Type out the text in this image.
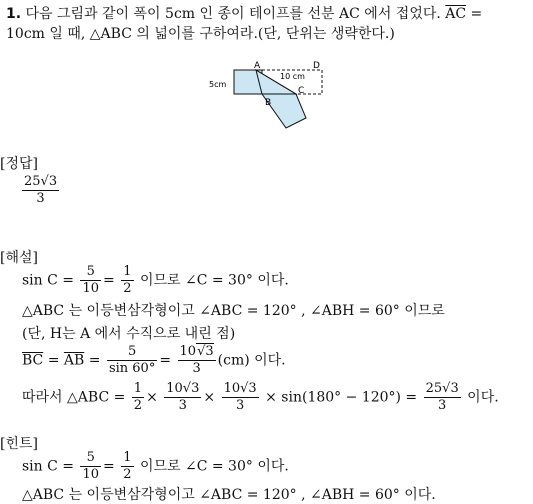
1. 다음 그림과 같이 폭이 5cm 인 종이 테이프를 선분 AC 에서 접었다. $\overline{AC}$ =
10cm 일 때, △ABC 의 넓이를 구하여라.(단, 단위는 생략한다.)
5cm
A
B
C
D
10 cm
[정답]
$\frac{25√3}{3}$
[해설]
$\sin C = \frac{5}{10} = \frac{1}{2}$ 이므로 ∠C = 30° 이다.
△ABC 는 이등변삼각형이고 ∠ABC = 120° , ∠ABH = 60° 이므로
(단, H는 A 에서 수직으로 내린 점)
$\overline{BC} = \overline{AB} = \frac{5}{\sin 60^\circ} = \frac{10√3}{3} (cm)$ 이다.
따라서 △ABC = $\frac{1}{2} \times \frac{10√3}{3} \times \frac{10√3}{3} \times \sin(180^\circ - 120^\circ) = \frac{25√3}{3}$ 이다.
[힌트]
$\sin C = \frac{5}{10} = \frac{1}{2}$ 이므로 ∠C = 30° 이다.
△ABC 는 이등변삼각형이고 ∠ABC = 120° , ∠ABH = 60° 이다.
